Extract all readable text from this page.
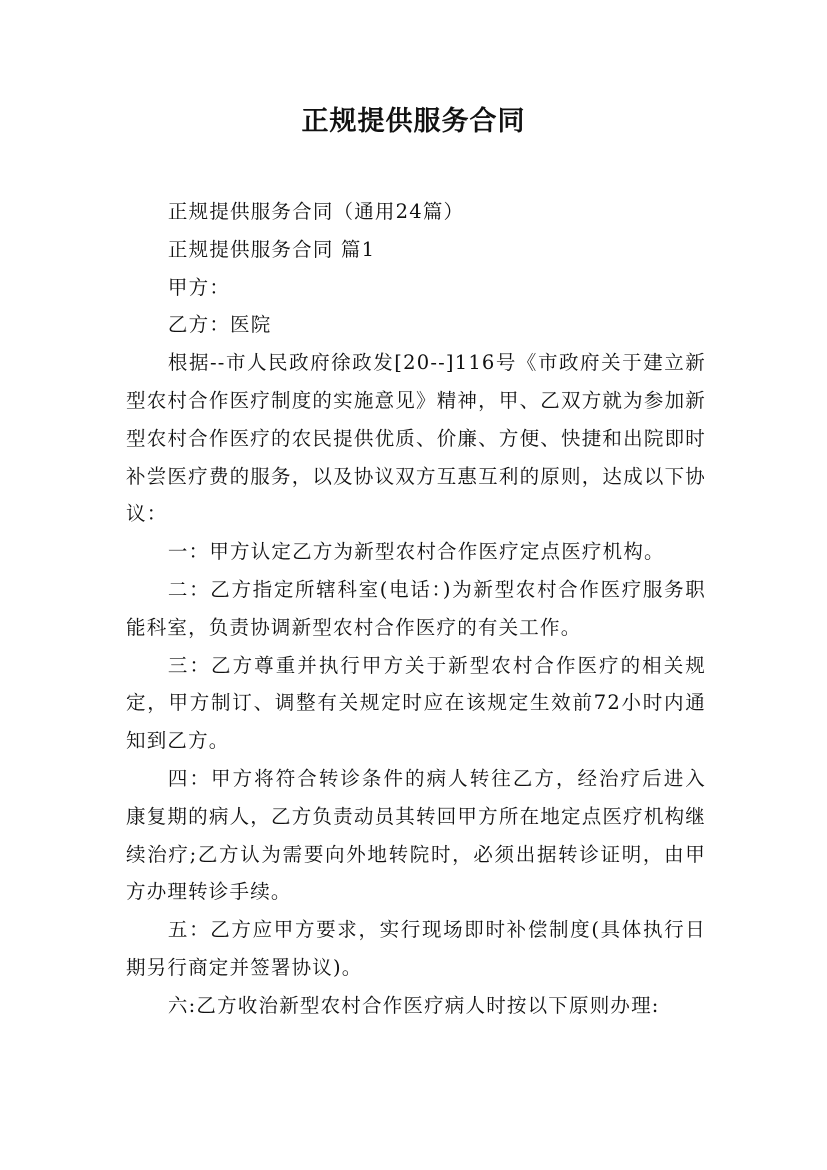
正规提供服务合同

正规提供服务合同（通用24篇）

正规提供服务合同 篇1

甲方：

乙方：医院

根据--市人民政府徐政发[20--]116号《市政府关于建立新型农村合作医疗制度的实施意见》精神，甲、乙双方就为参加新型农村合作医疗的农民提供优质、价廉、方便、快捷和出院即时补尝医疗费的服务，以及协议双方互惠互利的原则，达成以下协议：

一：甲方认定乙方为新型农村合作医疗定点医疗机构。

二：乙方指定所辖科室(电话：)为新型农村合作医疗服务职能科室，负责协调新型农村合作医疗的有关工作。

三：乙方尊重并执行甲方关于新型农村合作医疗的相关规定，甲方制订、调整有关规定时应在该规定生效前72小时内通知到乙方。

四：甲方将符合转诊条件的病人转往乙方，经治疗后进入康复期的病人，乙方负责动员其转回甲方所在地定点医疗机构继续治疗;乙方认为需要向外地转院时，必须出据转诊证明，由甲方办理转诊手续。

五：乙方应甲方要求，实行现场即时补偿制度(具体执行日期另行商定并签署协议)。

六:乙方收治新型农村合作医疗病人时按以下原则办理:
